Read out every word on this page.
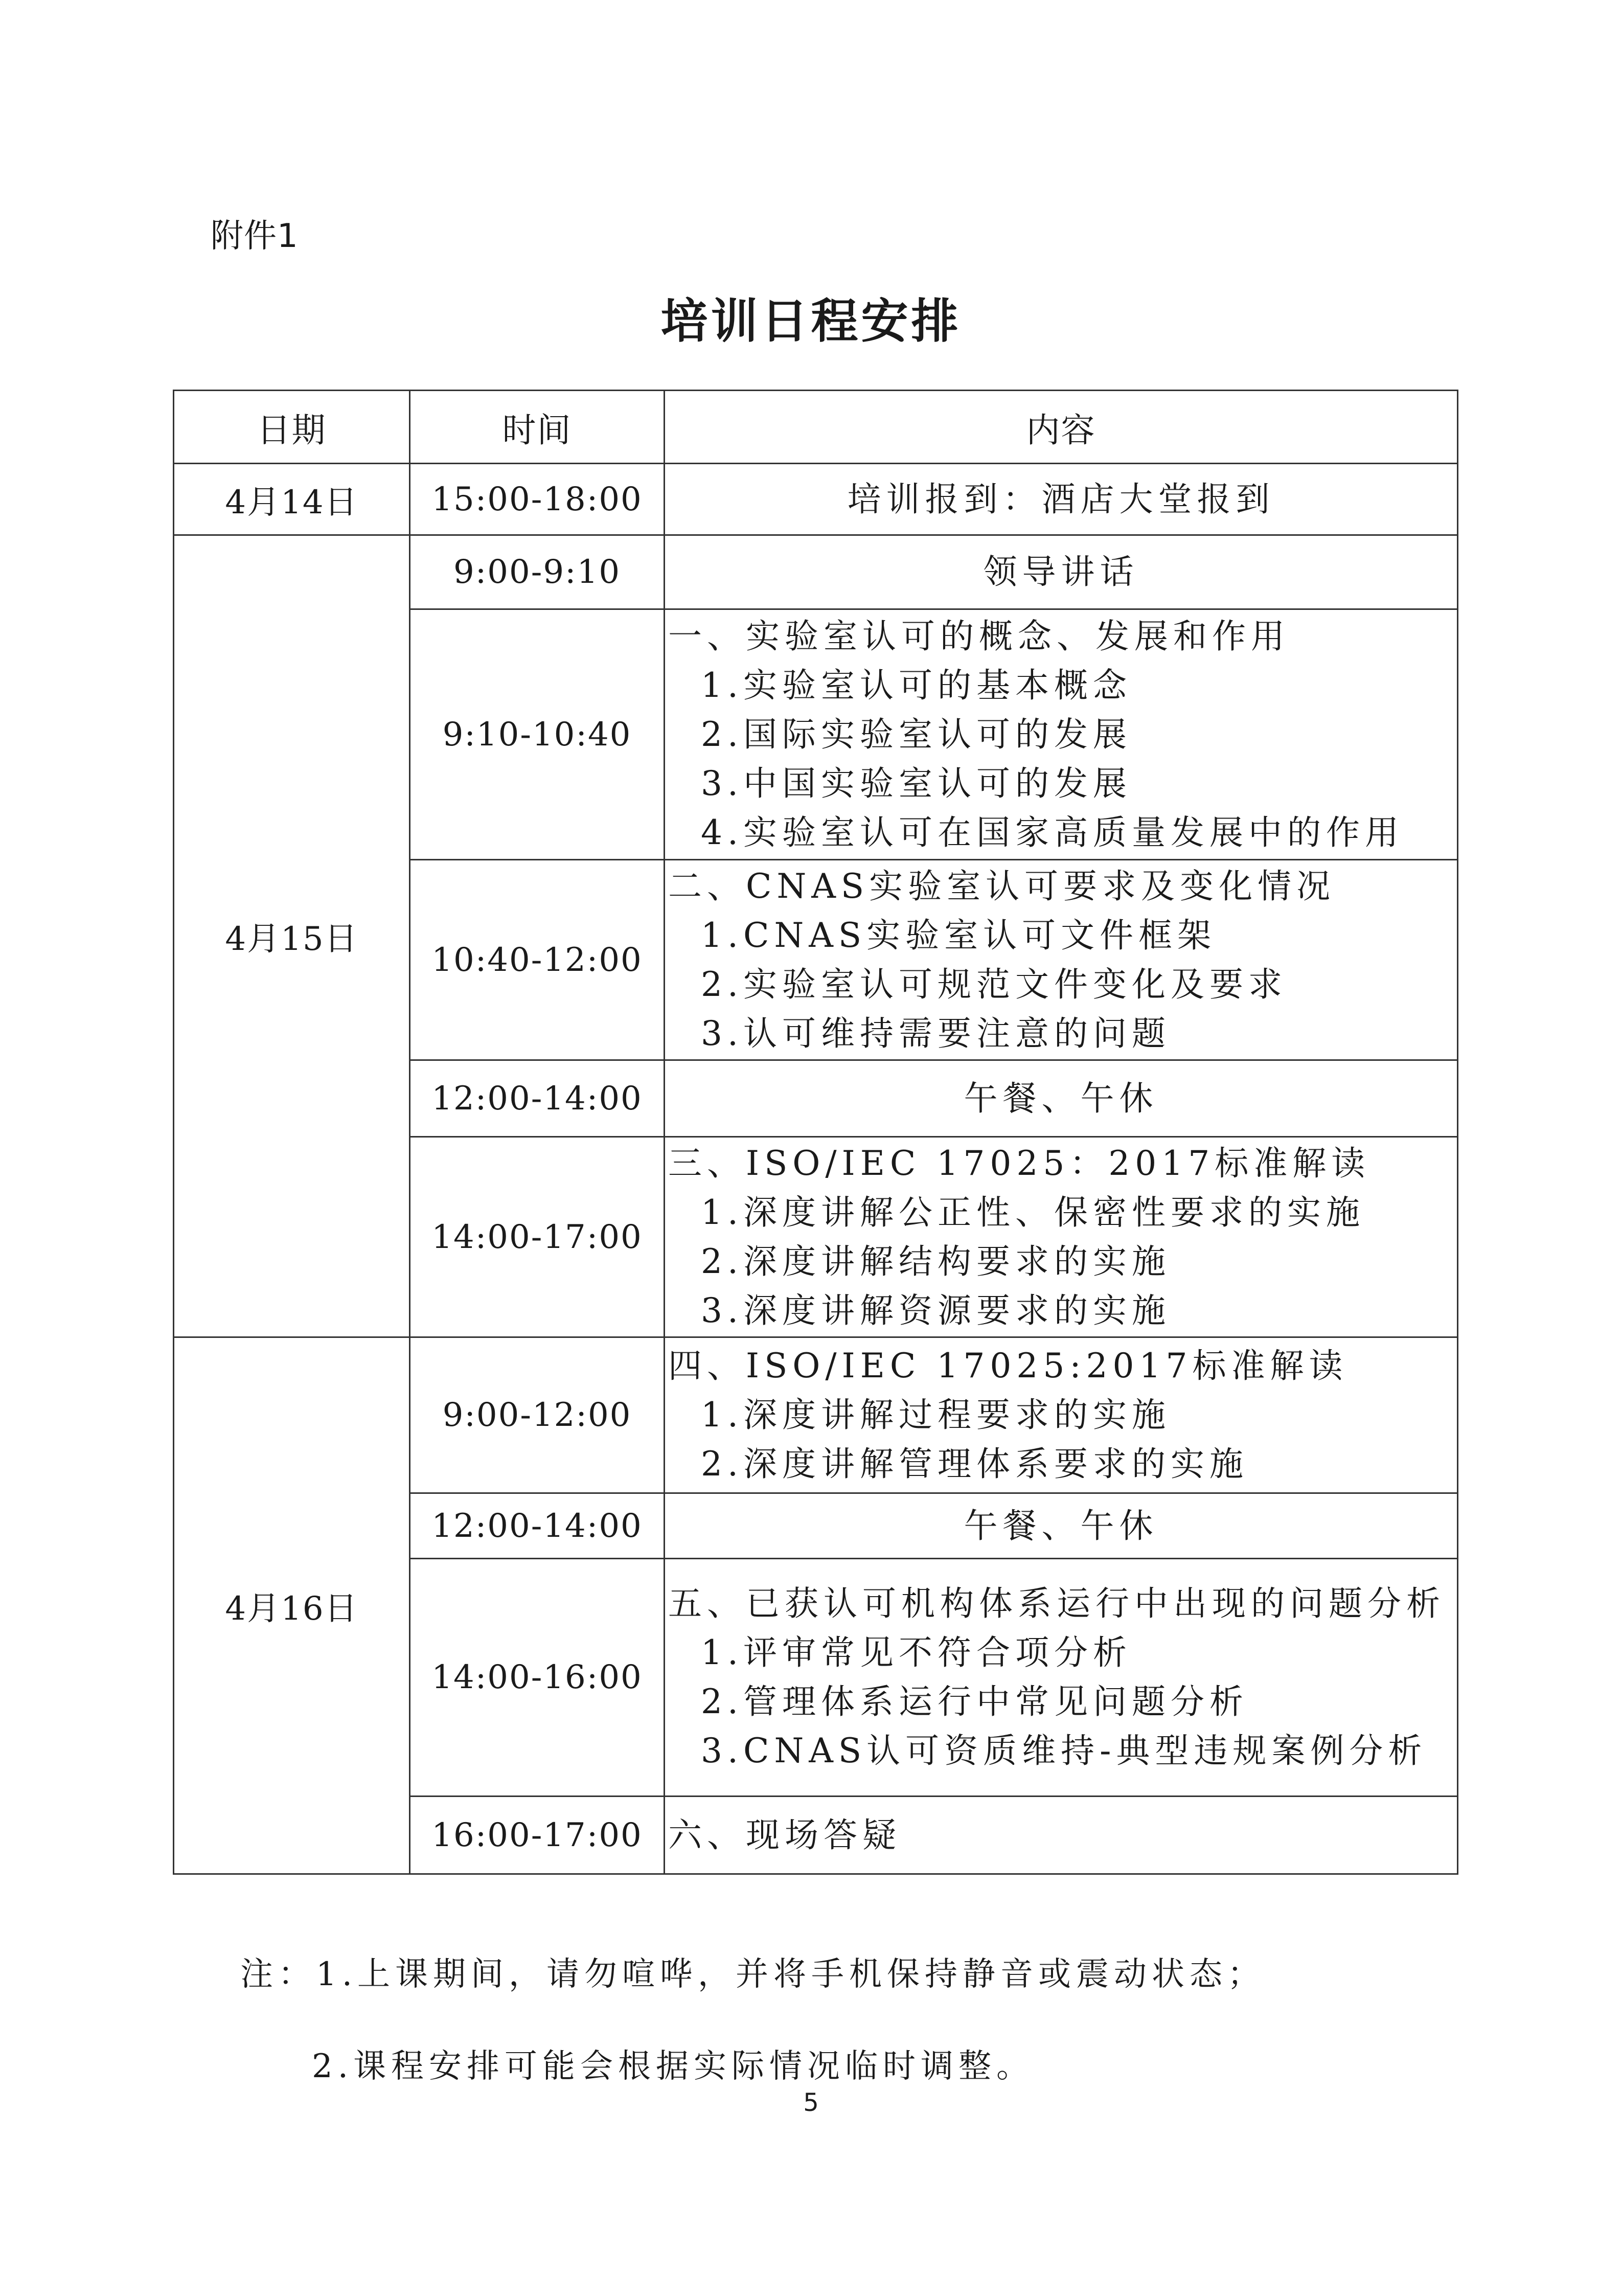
附件1
培训日程安排
日期	时间	内容
4月14日	15:00-18:00	培训报到：酒店大堂报到

4月15日	9:00-9:10	领导讲话

	9:10-10:40	一、实验室认可的概念、发展和作用
1.实验室认可的基本概念
2.国际实验室认可的发展
3.中国实验室认可的发展
4.实验室认可在国家高质量发展中的作用

	10:40-12:00	二、CNAS实验室认可要求及变化情况
1.CNAS实验室认可文件框架
2.实验室认可规范文件变化及要求
3.认可维持需要注意的问题

	12:00-14:00	午餐、午休

	14:00-17:00	三、ISO/IEC 17025：2017标准解读
1.深度讲解公正性、保密性要求的实施
2.深度讲解结构要求的实施
3.深度讲解资源要求的实施

4月16日	9:00-12:00	四、ISO/IEC 17025:2017标准解读
1.深度讲解过程要求的实施
2.深度讲解管理体系要求的实施

	12:00-14:00	午餐、午休

	14:00-16:00	五、已获认可机构体系运行中出现的问题分析
1.评审常见不符合项分析
2.管理体系运行中常见问题分析
3.CNAS认可资质维持-典型违规案例分析

	16:00-17:00	六、现场答疑
注：1.上课期间，请勿喧哗，并将手机保持静音或震动状态；
2.课程安排可能会根据实际情况临时调整。
5
